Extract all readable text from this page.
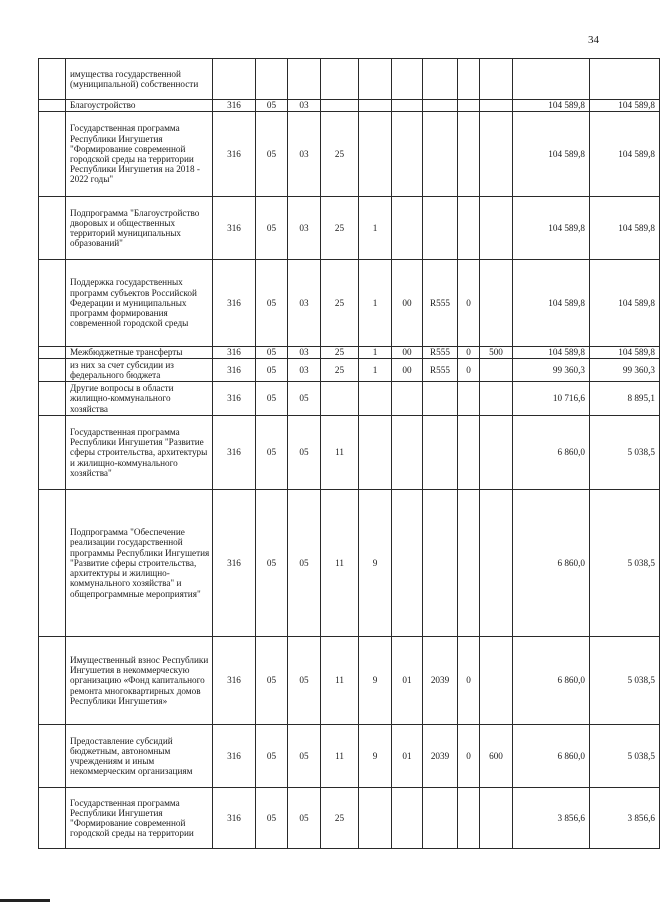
34
	имущества государственной (муниципальной) собственности											
	Благоустройство	316	05	03							104 589,8	104 589,8
	Государственная программа Республики Ингушетия "Формирование современной городской среды на территории Республики Ингушетия на 2018 - 2022 годы"	316	05	03	25						104 589,8	104 589,8
	Подпрограмма "Благоустройство дворовых и общественных территорий муниципальных образований"	316	05	03	25	1					104 589,8	104 589,8
	Поддержка государственных программ субъектов Российской Федерации и муниципальных программ формирования современной городской среды	316	05	03	25	1	00	R555	0		104 589,8	104 589,8
	Межбюджетные трансферты	316	05	03	25	1	00	R555	0	500	104 589,8	104 589,8
	из них за счет субсидии из федерального бюджета	316	05	03	25	1	00	R555	0		99 360,3	99 360,3
	Другие вопросы в области жилищно-коммунального хозяйства	316	05	05							10 716,6	8 895,1
	Государственная программа Республики Ингушетия "Развитие сферы строительства, архитектуры и жилищно-коммунального хозяйства"	316	05	05	11						6 860,0	5 038,5
	Подпрограмма "Обеспечение реализации государственной программы Республики Ингушетия "Развитие сферы строительства, архитектуры и жилищно-коммунального хозяйства" и общепрограммные мероприятия"	316	05	05	11	9					6 860,0	5 038,5
	Имущественный взнос Республики Ингушетия в некоммерческую организацию «Фонд капитального ремонта многоквартирных домов Республики Ингушетия»	316	05	05	11	9	01	2039	0		6 860,0	5 038,5
	Предоставление субсидий бюджетным, автономным учреждениям и иным некоммерческим организациям	316	05	05	11	9	01	2039	0	600	6 860,0	5 038,5
	Государственная программа Республики Ингушетия "Формирование современной городской среды на территории	316	05	05	25						3 856,6	3 856,6
